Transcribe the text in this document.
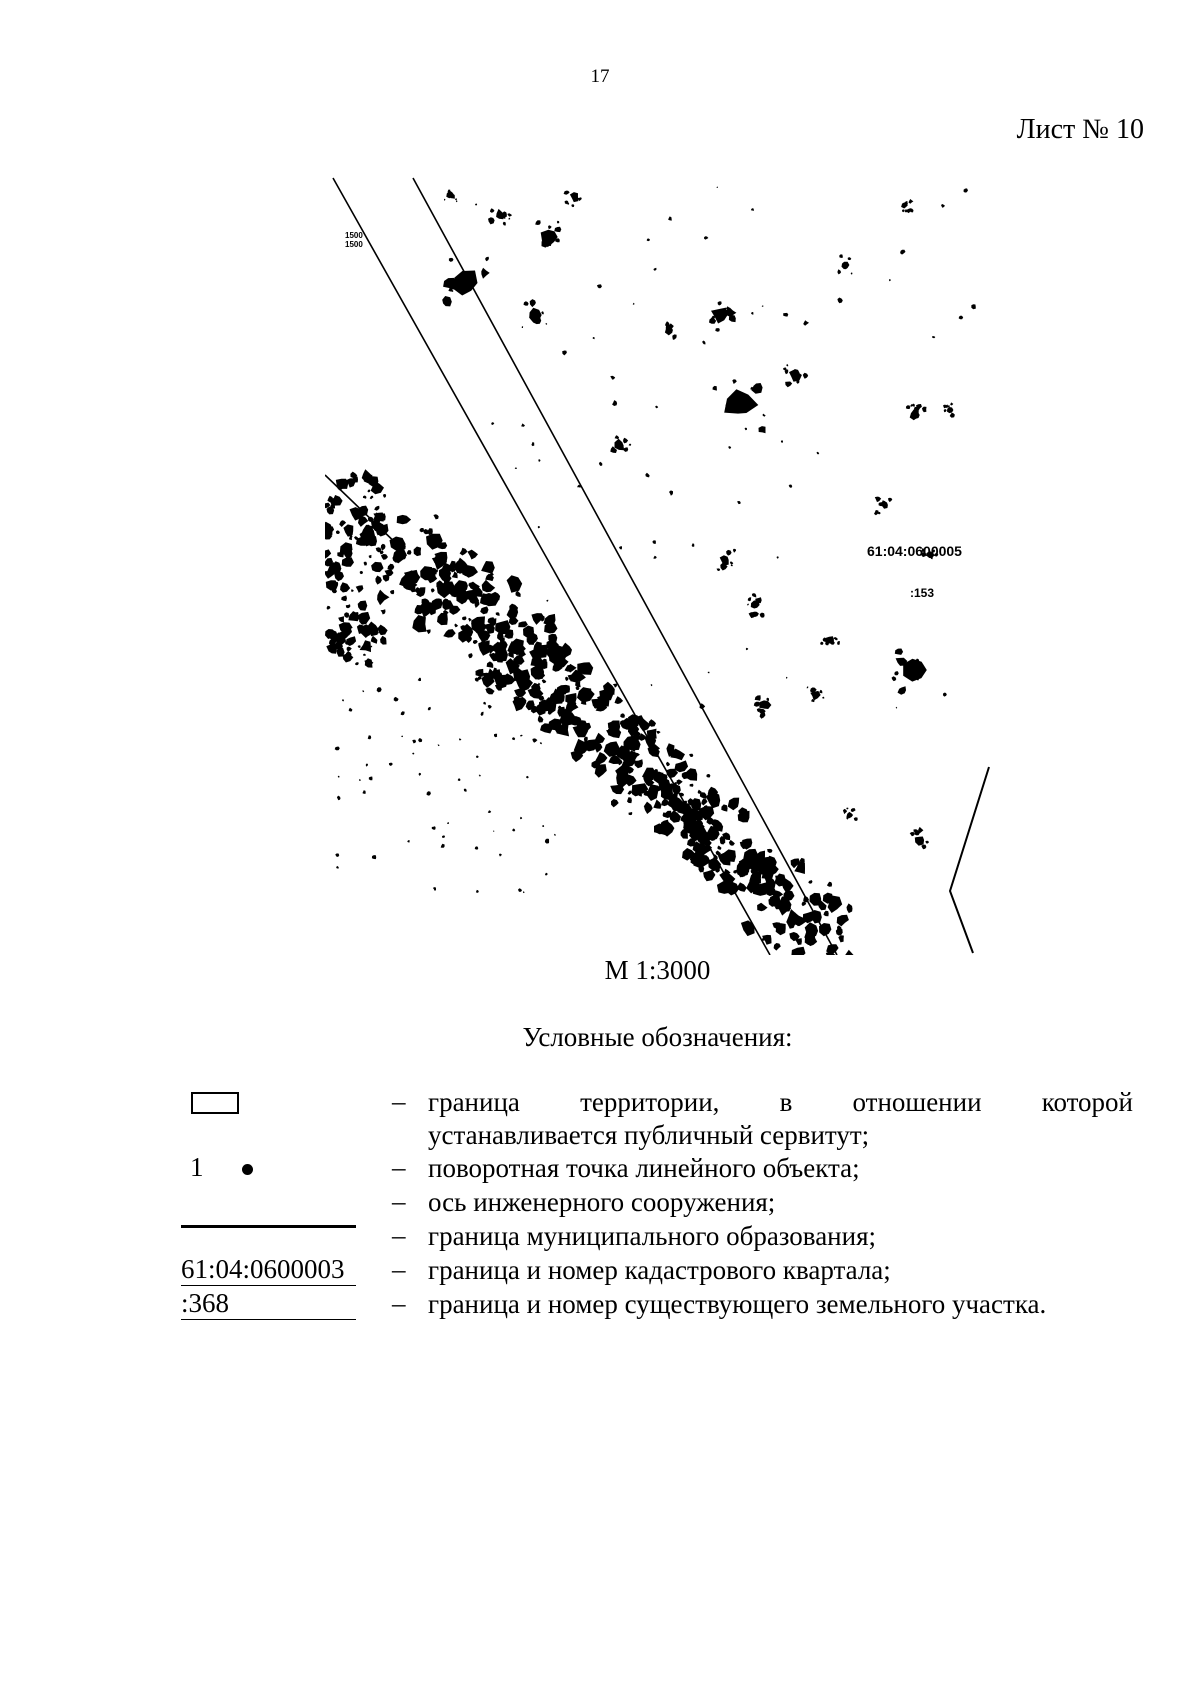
17
Лист № 10
1500
1500
61:04:0600005
:153
М 1:3000
Условные обозначения:
– граница территории, в отношении которой
устанавливается публичный сервитут;
1	– поворотная точка линейного объекта;
– ось инженерного сооружения;
– граница муниципального образования;
61:04:0600003	– граница и номер кадастрового квартала;
:368	– граница и номер существующего земельного участка.
